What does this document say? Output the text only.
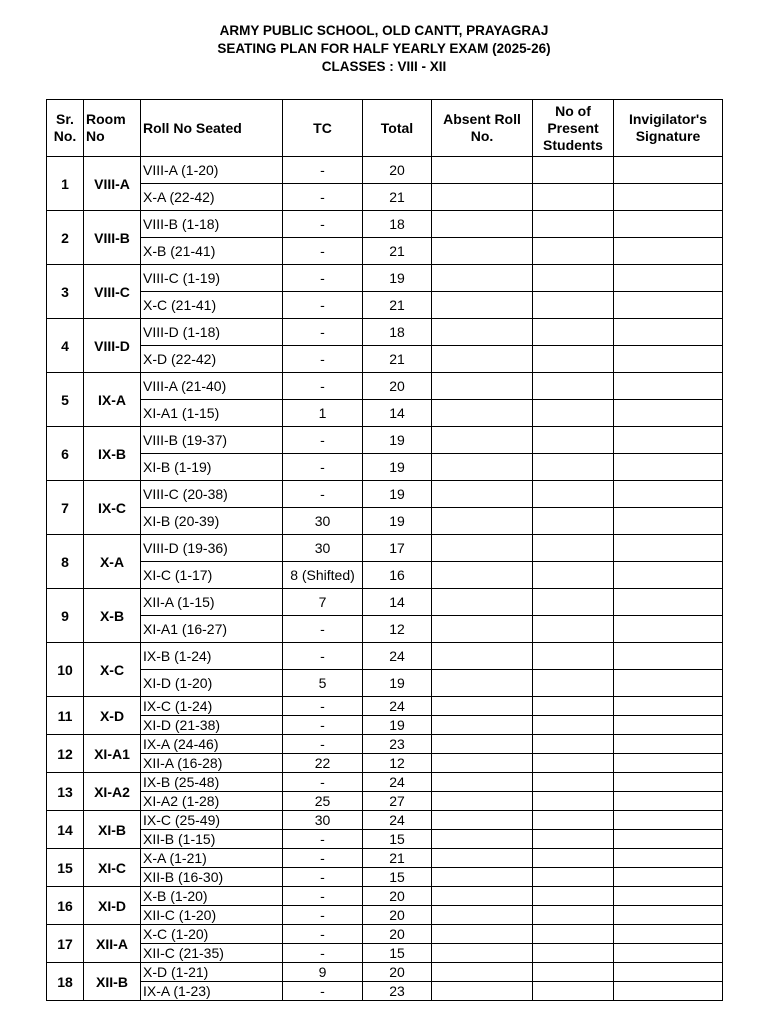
ARMY PUBLIC SCHOOL, OLD CANTT, PRAYAGRAJ
SEATING PLAN FOR HALF YEARLY EXAM (2025-26)
CLASSES : VIII - XII
Sr. No.	Room No	Roll No Seated	TC	Total	Absent Roll No.	No of Present Students	Invigilator's Signature
1	VIII-A	VIII-A (1-20)	-	20			
		X-A (22-42)	-	21			
2	VIII-B	VIII-B (1-18)	-	18			
		X-B (21-41)	-	21			
3	VIII-C	VIII-C (1-19)	-	19			
		X-C (21-41)	-	21			
4	VIII-D	VIII-D (1-18)	-	18			
		X-D (22-42)	-	21			
5	IX-A	VIII-A (21-40)	-	20			
		XI-A1 (1-15)	1	14			
6	IX-B	VIII-B (19-37)	-	19			
		XI-B (1-19)	-	19			
7	IX-C	VIII-C (20-38)	-	19			
		XI-B (20-39)	30	19			
8	X-A	VIII-D (19-36)	30	17			
		XI-C (1-17)	8 (Shifted)	16			
9	X-B	XII-A (1-15)	7	14			
		XI-A1 (16-27)	-	12			
10	X-C	IX-B (1-24)	-	24			
		XI-D (1-20)	5	19			
11	X-D	IX-C (1-24)	-	24			
		XI-D (21-38)	-	19			
12	XI-A1	IX-A (24-46)	-	23			
		XII-A (16-28)	22	12			
13	XI-A2	IX-B (25-48)	-	24			
		XI-A2 (1-28)	25	27			
14	XI-B	IX-C (25-49)	30	24			
		XII-B (1-15)	-	15			
15	XI-C	X-A (1-21)	-	21			
		XII-B (16-30)	-	15			
16	XI-D	X-B (1-20)	-	20			
		XII-C (1-20)	-	20			
17	XII-A	X-C (1-20)	-	20			
		XII-C (21-35)	-	15			
18	XII-B	X-D (1-21)	9	20			
		IX-A (1-23)	-	23			
